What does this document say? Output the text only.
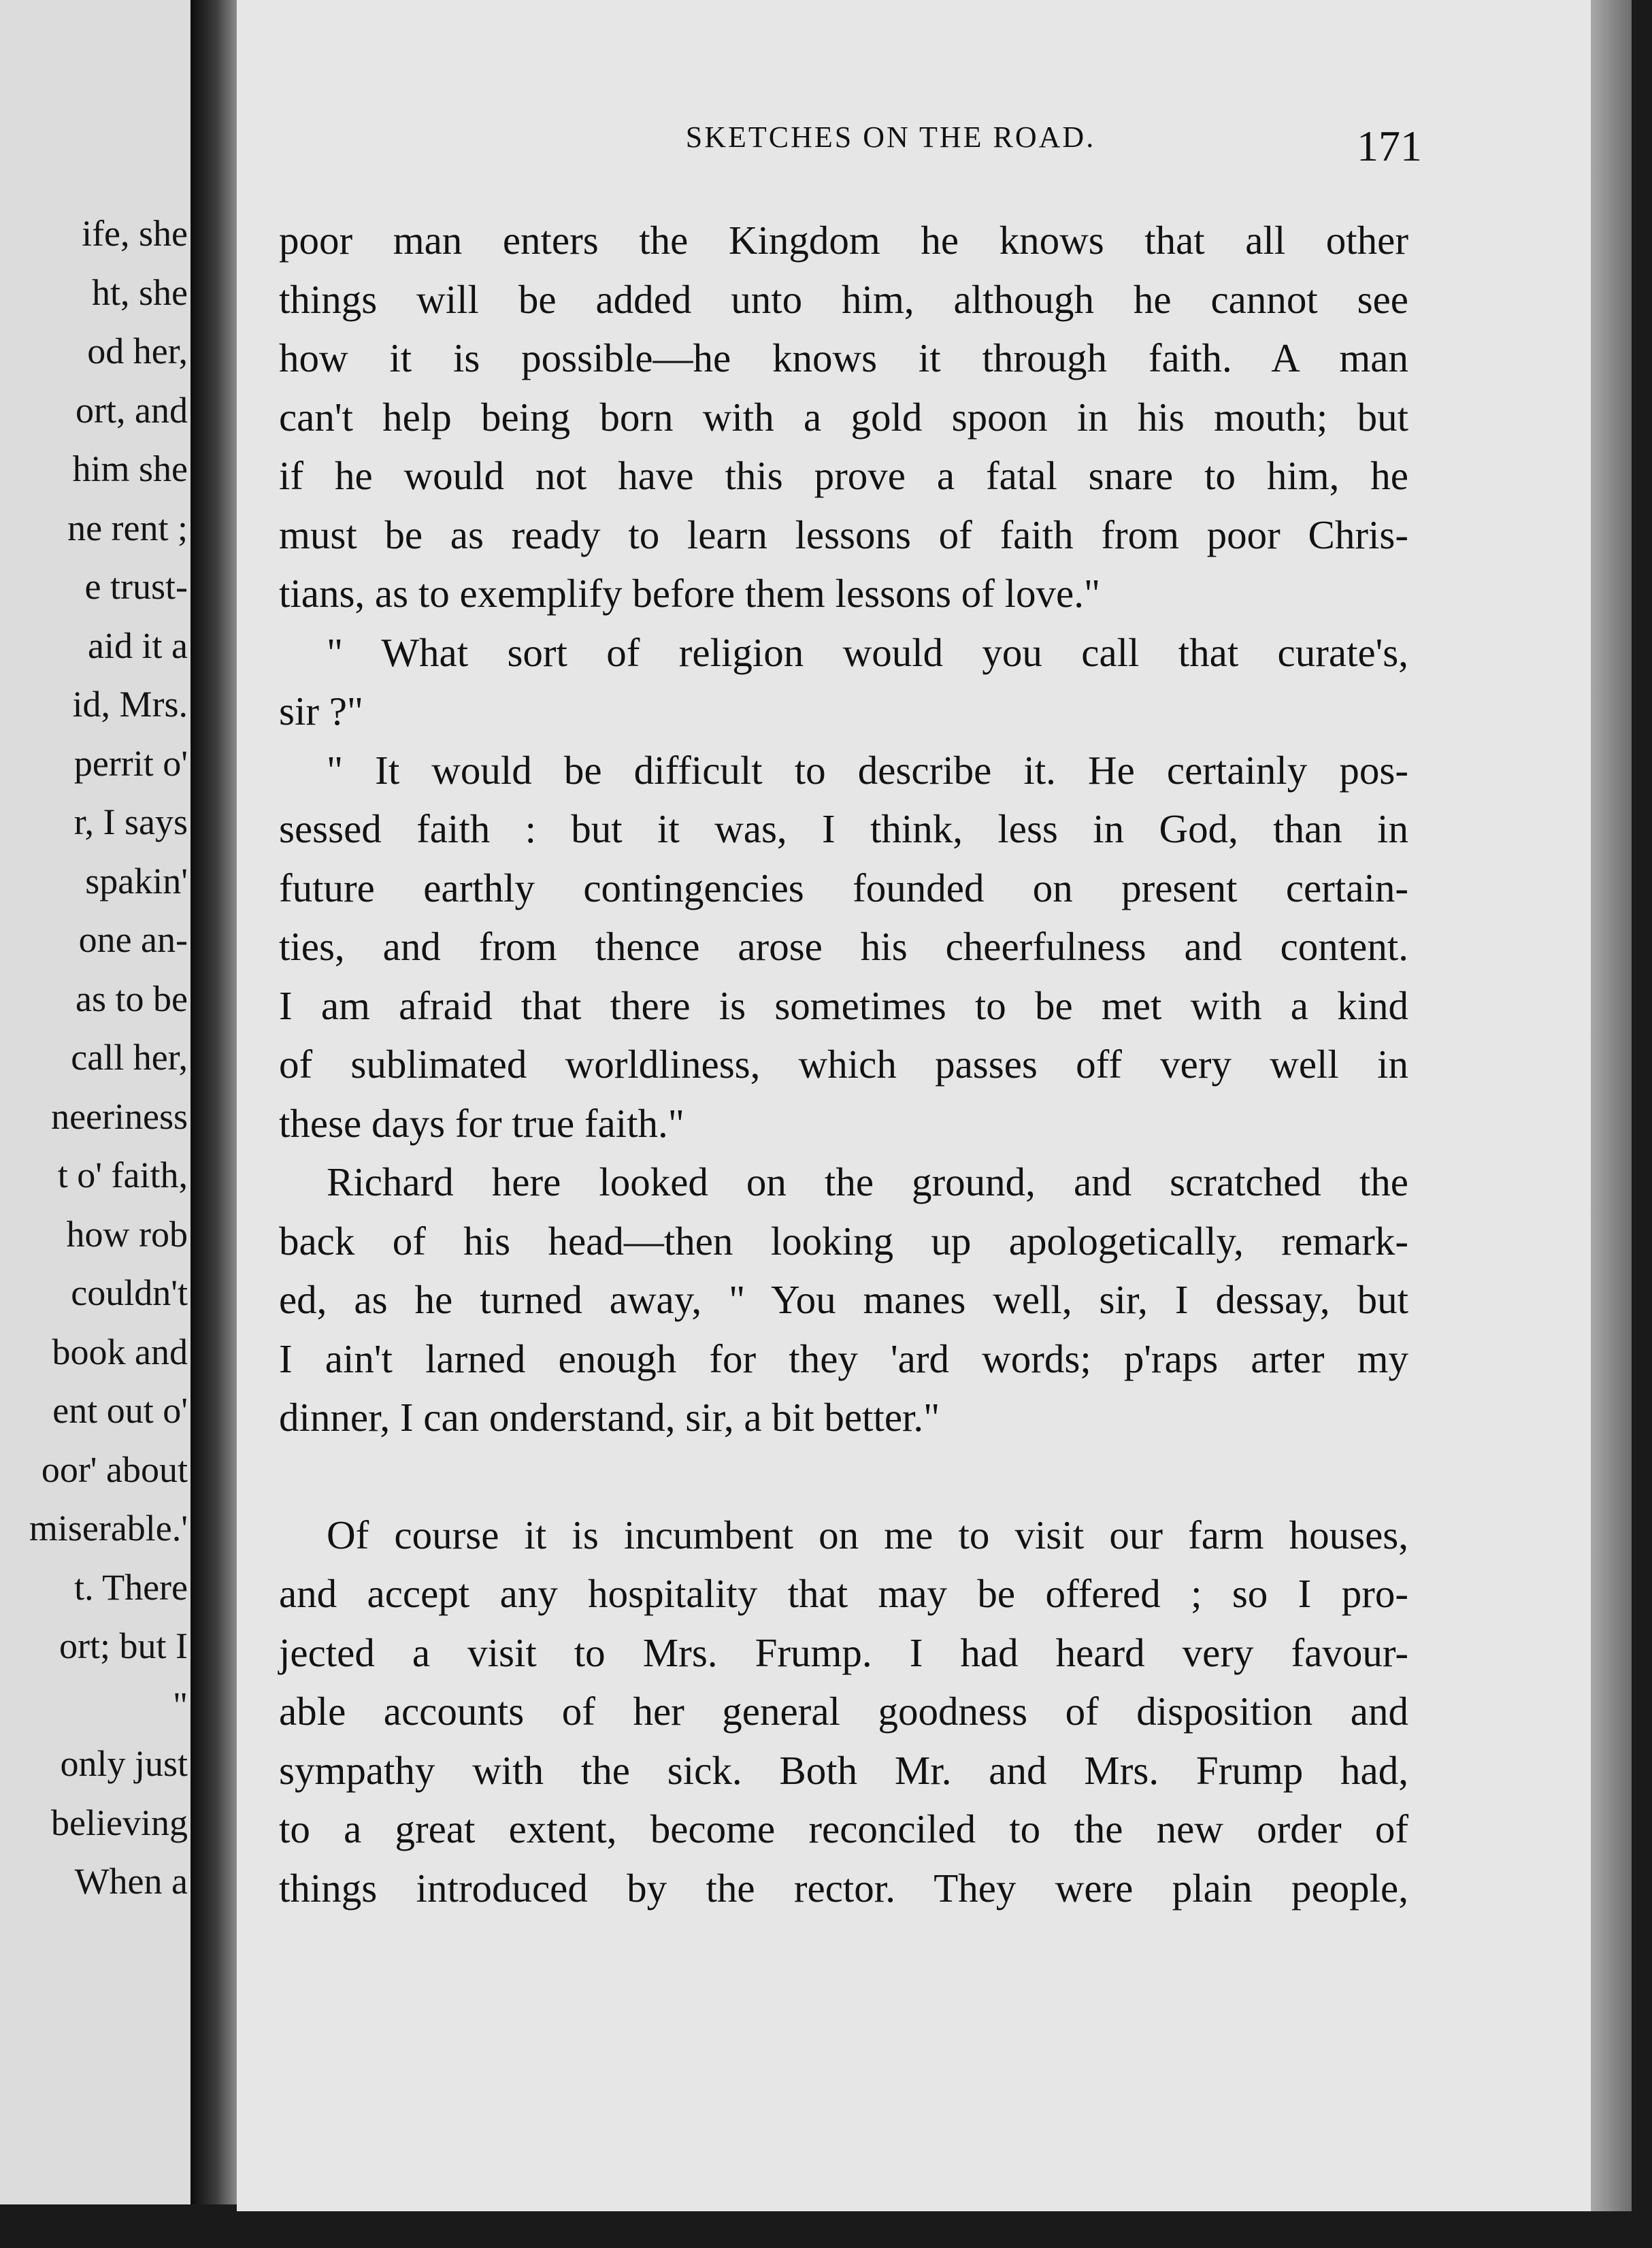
ife, she
ht, she
od her,
ort, and
him she
ne rent ;
e trust-
aid it a
id, Mrs.
perrit o'
r, I says
spakin'
one an-
as to be
call her,
neeriness
t o' faith,
how rob
couldn't
book and
ent out o'
oor' about
miserable.'
t. There
ort; but I
"
only just
believing
When a
SKETCHES ON THE ROAD.	171
poor man enters the Kingdom he knows that all other
things will be added unto him, although he cannot see
how it is possible—he knows it through faith. A man
can't help being born with a gold spoon in his mouth; but
if he would not have this prove a fatal snare to him, he
must be as ready to learn lessons of faith from poor Chris-
tians, as to exemplify before them lessons of love."
" What sort of religion would you call that curate's,
sir ?"
" It would be difficult to describe it. He certainly pos-
sessed faith : but it was, I think, less in God, than in
future earthly contingencies founded on present certain-
ties, and from thence arose his cheerfulness and content.
I am afraid that there is sometimes to be met with a kind
of sublimated worldliness, which passes off very well in
these days for true faith."
Richard here looked on the ground, and scratched the
back of his head—then looking up apologetically, remark-
ed, as he turned away, " You manes well, sir, I dessay, but
I ain't larned enough for they 'ard words; p'raps arter my
dinner, I can onderstand, sir, a bit better."
Of course it is incumbent on me to visit our farm houses,
and accept any hospitality that may be offered ; so I pro-
jected a visit to Mrs. Frump. I had heard very favour-
able accounts of her general goodness of disposition and
sympathy with the sick. Both Mr. and Mrs. Frump had,
to a great extent, become reconciled to the new order of
things introduced by the rector. They were plain people,
